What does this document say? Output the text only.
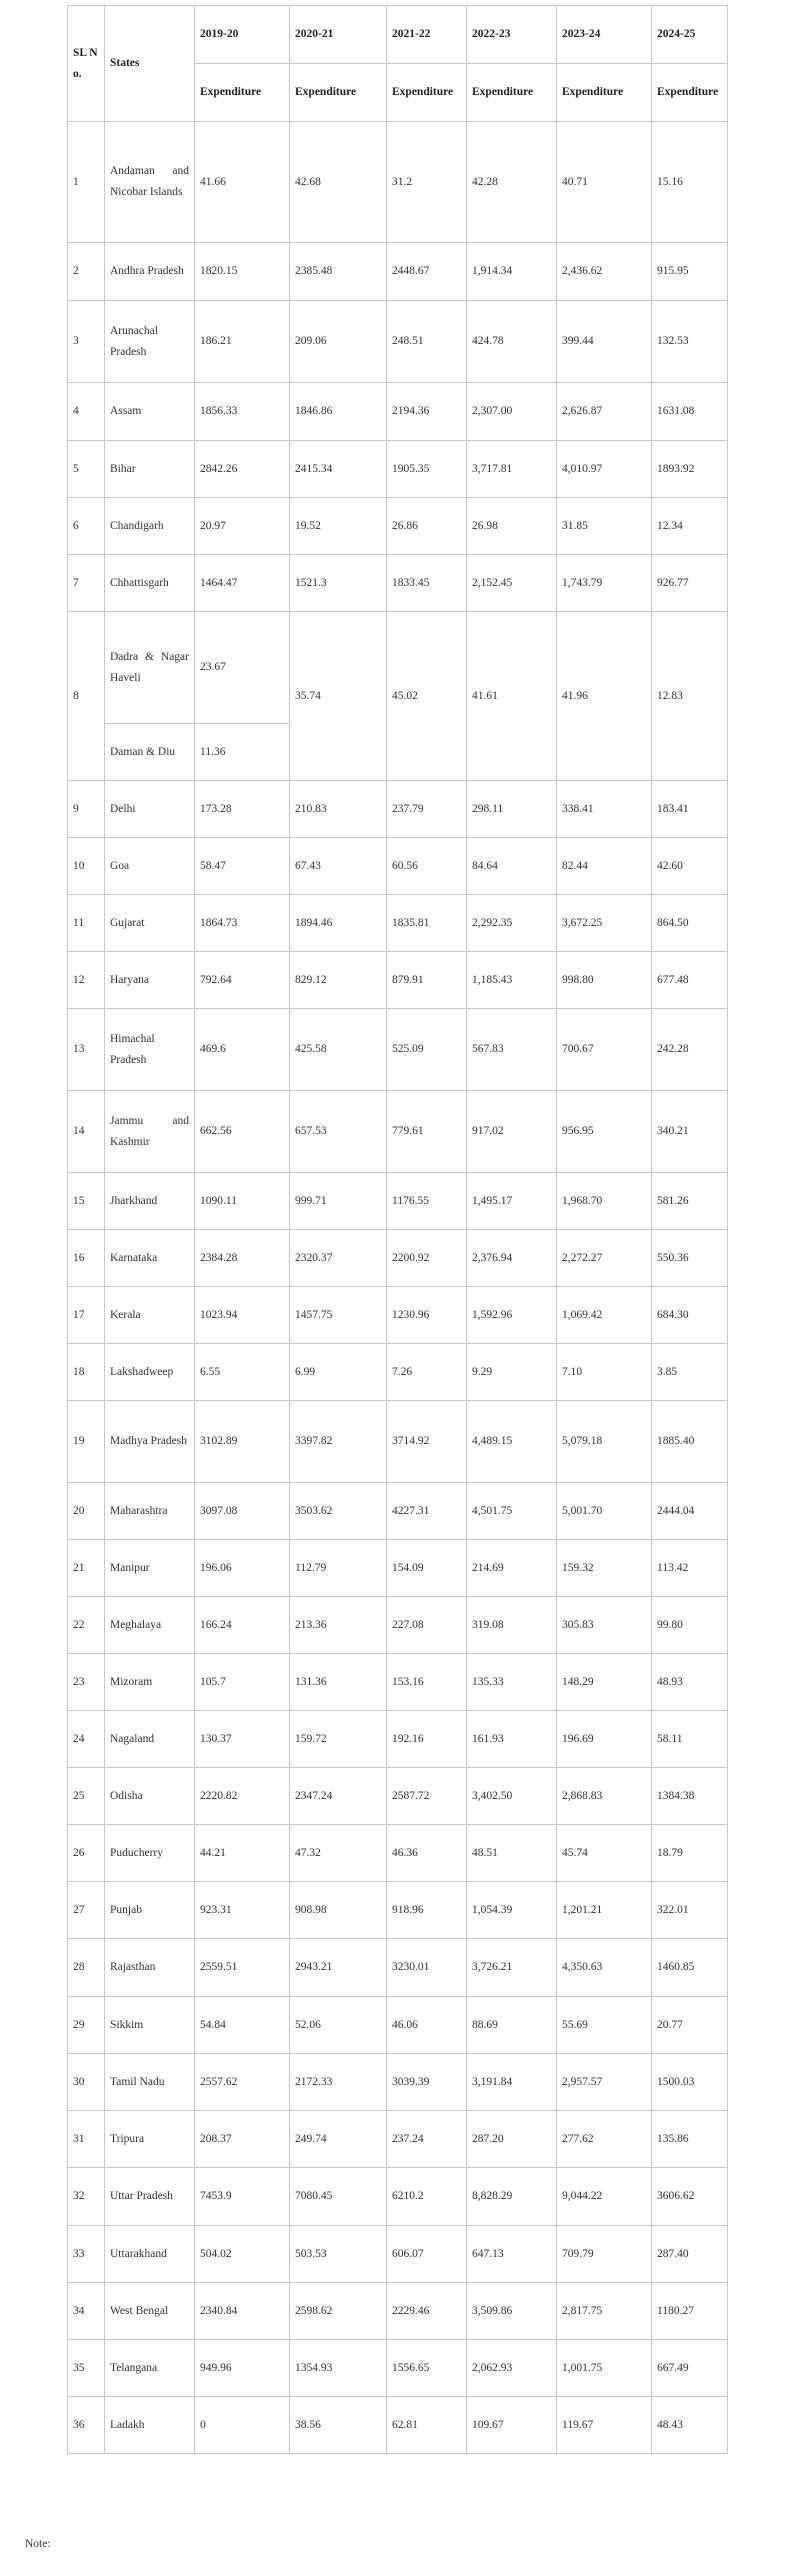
SL N o.	States	2019-20	2020-21	2021-22	2022-23	2023-24	2024-25
		Expenditure	Expenditure	Expenditure	Expenditure	Expenditure	Expenditure
1	Andaman and Nicobar Islands	41.66	42.68	31.2	42.28	40.71	15.16
2	Andhra Pradesh	1820.15	2385.48	2448.67	1,914.34	2,436.62	915.95
3	Arunachal Pradesh	186.21	209.06	248.51	424.78	399.44	132.53
4	Assam	1856.33	1846.86	2194.36	2,307.00	2,626.87	1631.08
5	Bihar	2842.26	2415.34	1905.35	3,717.81	4,010.97	1893.92
6	Chandigarh	20.97	19.52	26.86	26.98	31.85	12.34
7	Chhattisgarh	1464.47	1521.3	1833.45	2,152.45	1,743.79	926.77
8	Dadra & Nagar Haveli	23.67	35.74	45.02	41.61	41.96	12.83
	Daman & Diu	11.36					
9	Delhi	173.28	210.83	237.79	298.11	338.41	183.41
10	Goa	58.47	67.43	60.56	84.64	82.44	42.60
11	Gujarat	1864.73	1894.46	1835.81	2,292.35	3,672.25	864.50
12	Haryana	792.64	829.12	879.91	1,185.43	998.80	677.48
13	Himachal Pradesh	469.6	425.58	525.09	567.83	700.67	242.28
14	Jammu and Kashmir	662.56	657.53	779.61	917.02	956.95	340.21
15	Jharkhand	1090.11	999.71	1176.55	1,495.17	1,968.70	581.26
16	Karnataka	2384.28	2320.37	2200.92	2,376.94	2,272.27	550.36
17	Kerala	1023.94	1457.75	1230.96	1,592.96	1,069.42	684.30
18	Lakshadweep	6.55	6.99	7.26	9.29	7.10	3.85
19	Madhya Pradesh	3102.89	3397.82	3714.92	4,489.15	5,079.18	1885.40
20	Maharashtra	3097.08	3503.62	4227.31	4,501.75	5,001.70	2444.04
21	Manipur	196.06	112.79	154.09	214.69	159.32	113.42
22	Meghalaya	166.24	213.36	227.08	319.08	305.83	99.80
23	Mizoram	105.7	131.36	153.16	135.33	148.29	48.93
24	Nagaland	130.37	159.72	192.16	161.93	196.69	58.11
25	Odisha	2220.82	2347.24	2587.72	3,402.50	2,868.83	1384.38
26	Puducherry	44.21	47.32	46.36	48.51	45.74	18.79
27	Punjab	923.31	908.98	918.96	1,054.39	1,201.21	322.01
28	Rajasthan	2559.51	2943.21	3230.01	3,726.21	4,350.63	1460.85
29	Sikkim	54.84	52.06	46.06	88.69	55.69	20.77
30	Tamil Nadu	2557.62	2172.33	3039.39	3,191.84	2,957.57	1500.03
31	Tripura	208.37	249.74	237.24	287.20	277.62	135.86
32	Uttar Pradesh	7453.9	7080.45	6210.2	8,828.29	9,044.22	3606.62
33	Uttarakhand	504.02	503.53	606.07	647.13	709.79	287.40
34	West Bengal	2340.84	2598.62	2229.46	3,509.86	2,817.75	1180.27
35	Telangana	949.96	1354.93	1556.65	2,062.93	1,001.75	667.49
36	Ladakh	0	38.56	62.81	109.67	119.67	48.43
Note:
